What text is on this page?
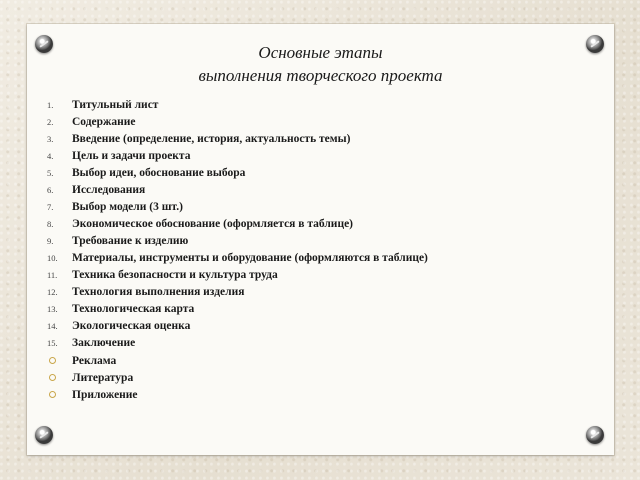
Основные этапы
выполнения творческого проекта
1. Титульный лист
2. Содержание
3. Введение (определение, история, актуальность темы)
4. Цель и задачи проекта
5. Выбор идеи, обоснование выбора
6. Исследования
7. Выбор модели (3 шт.)
8. Экономическое обоснование (оформляется в таблице)
9. Требование к изделию
10. Материалы, инструменты и оборудование (оформляются в таблице)
11. Техника безопасности и культура труда
12. Технология выполнения изделия
13. Технологическая карта
14. Экологическая оценка
15. Заключение
Реклама
Литература
Приложение
